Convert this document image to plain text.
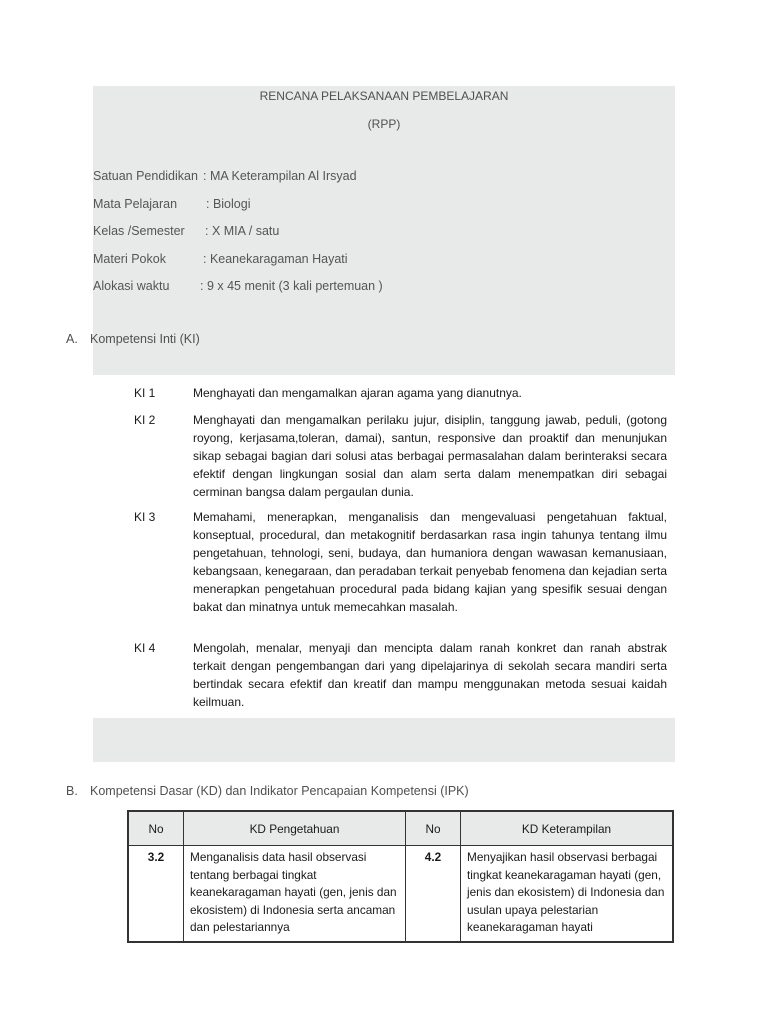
RENCANA PELAKSANAAN PEMBELAJARAN
(RPP)
Satuan Pendidikan : MA Keterampilan Al Irsyad
Mata Pelajaran : Biologi
Kelas /Semester : X MIA / satu
Materi Pokok	: Keanekaragaman Hayati
Alokasi waktu : 9 x 45 menit (3 kali pertemuan )
A. Kompetensi Inti (KI)
KI 1	Menghayati dan mengamalkan ajaran agama yang dianutnya.
KI 2	Menghayati dan mengamalkan perilaku jujur, disiplin, tanggung jawab, peduli, (gotong royong, kerjasama,toleran, damai), santun, responsive dan proaktif dan menunjukan sikap sebagai bagian dari solusi atas berbagai permasalahan dalam berinteraksi secara efektif dengan lingkungan sosial dan alam serta dalam menempatkan diri sebagai cerminan bangsa dalam pergaulan dunia.
KI 3	Memahami, menerapkan, menganalisis dan mengevaluasi pengetahuan faktual, konseptual, procedural, dan metakognitif berdasarkan rasa ingin tahunya tentang ilmu pengetahuan, tehnologi, seni, budaya, dan humaniora dengan wawasan kemanusiaan, kebangsaan, kenegaraan, dan peradaban terkait penyebab fenomena dan kejadian serta menerapkan pengetahuan procedural pada bidang kajian yang spesifik sesuai dengan bakat dan minatnya untuk memecahkan masalah.
KI 4	Mengolah, menalar, menyaji dan mencipta dalam ranah konkret dan ranah abstrak terkait dengan pengembangan dari yang dipelajarinya di sekolah secara mandiri serta bertindak secara efektif dan kreatif dan mampu menggunakan metoda sesuai kaidah keilmuan.
B. Kompetensi Dasar (KD) dan Indikator Pencapaian Kompetensi (IPK)
No	KD Pengetahuan	No	KD Keterampilan
3.2	Menganalisis data hasil observasi tentang berbagai tingkat keanekaragaman hayati (gen, jenis dan ekosistem) di Indonesia serta ancaman dan pelestariannya	4.2	Menyajikan hasil observasi berbagai tingkat keanekaragaman hayati (gen, jenis dan ekosistem) di Indonesia dan usulan upaya pelestarian keanekaragaman hayati
